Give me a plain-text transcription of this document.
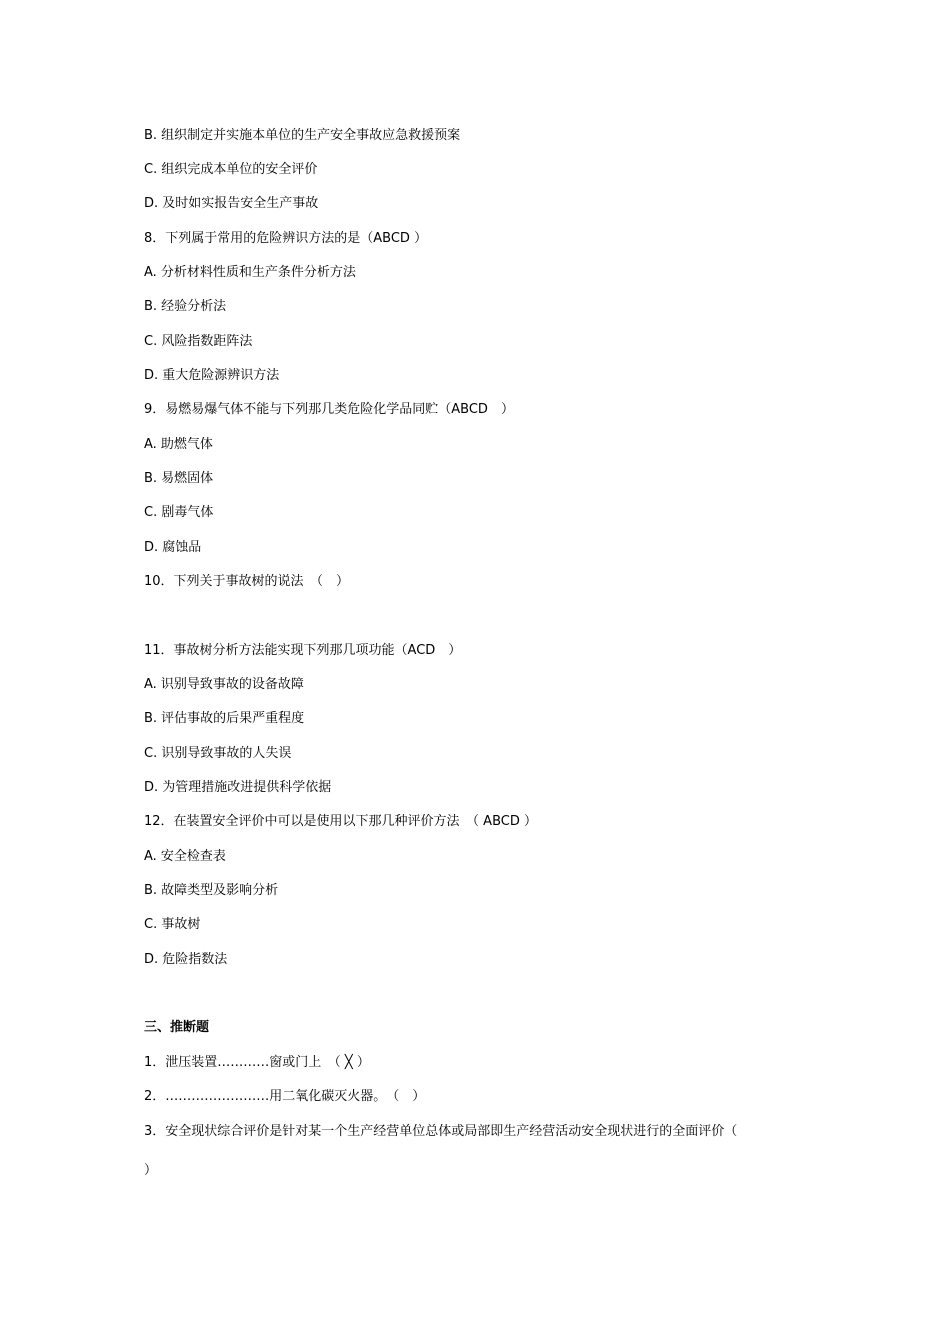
B. 组织制定并实施本单位的生产安全事故应急救援预案
C. 组织完成本单位的安全评价
D. 及时如实报告安全生产事故
8．下列属于常用的危险辨识方法的是（ABCD ）
A. 分析材料性质和生产条件分析方法
B. 经验分析法
C. 风险指数距阵法
D. 重大危险源辨识方法
9．易燃易爆气体不能与下列那几类危险化学品同贮（ABCD　）
A. 助燃气体
B. 易燃固体
C. 剧毒气体
D. 腐蚀品
10．下列关于事故树的说法　（　）
11．事故树分析方法能实现下列那几项功能（ACD　）
A. 识别导致事故的设备故障
B. 评估事故的后果严重程度
C. 识别导致事故的人失误
D. 为管理措施改进提供科学依据
12．在装置安全评价中可以是使用以下那几种评价方法　（ ABCD ）
A. 安全检查表
B. 故障类型及影响分析
C. 事故树
D. 危险指数法
三、推断题
1．泄压装置…………窗或门上　（ ╳ ）
2．……………………用二氧化碳灭火器。　（　）
3．安全现状综合评价是针对某一个生产经营单位总体或局部即生产经营活动安全现状进行的全面评价（
）
